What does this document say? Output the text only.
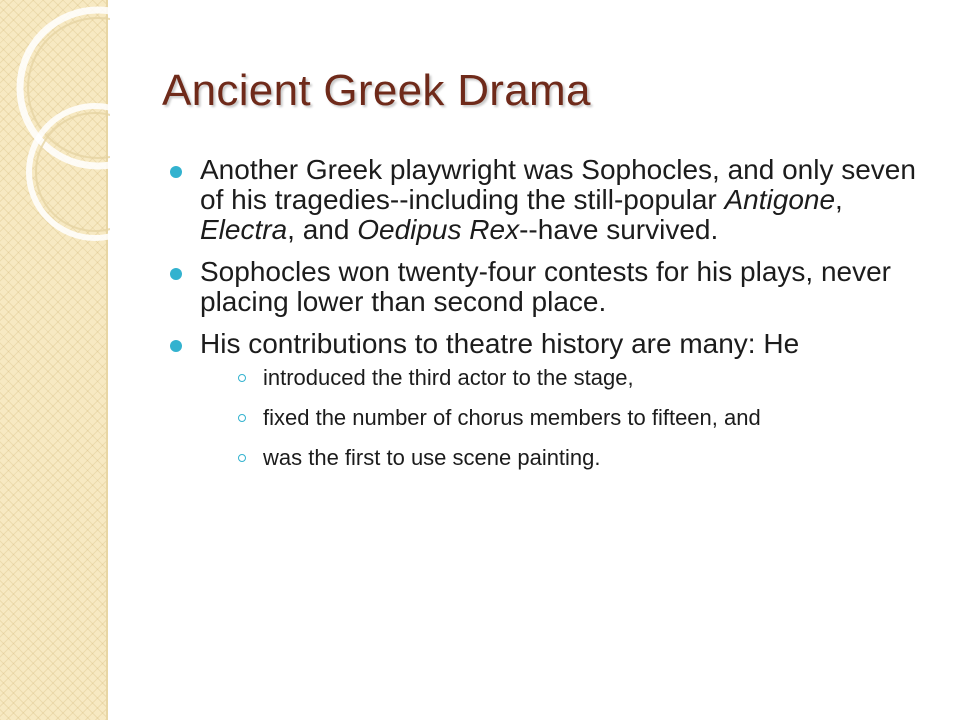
Ancient Greek Drama
Another Greek playwright was Sophocles, and only seven of his tragedies--including the still-popular Antigone, Electra, and Oedipus Rex--have survived.
Sophocles won twenty-four contests for his plays, never placing lower than second place.
His contributions to theatre history are many: He
introduced the third actor to the stage,
fixed the number of chorus members to fifteen, and
was the first to use scene painting.
